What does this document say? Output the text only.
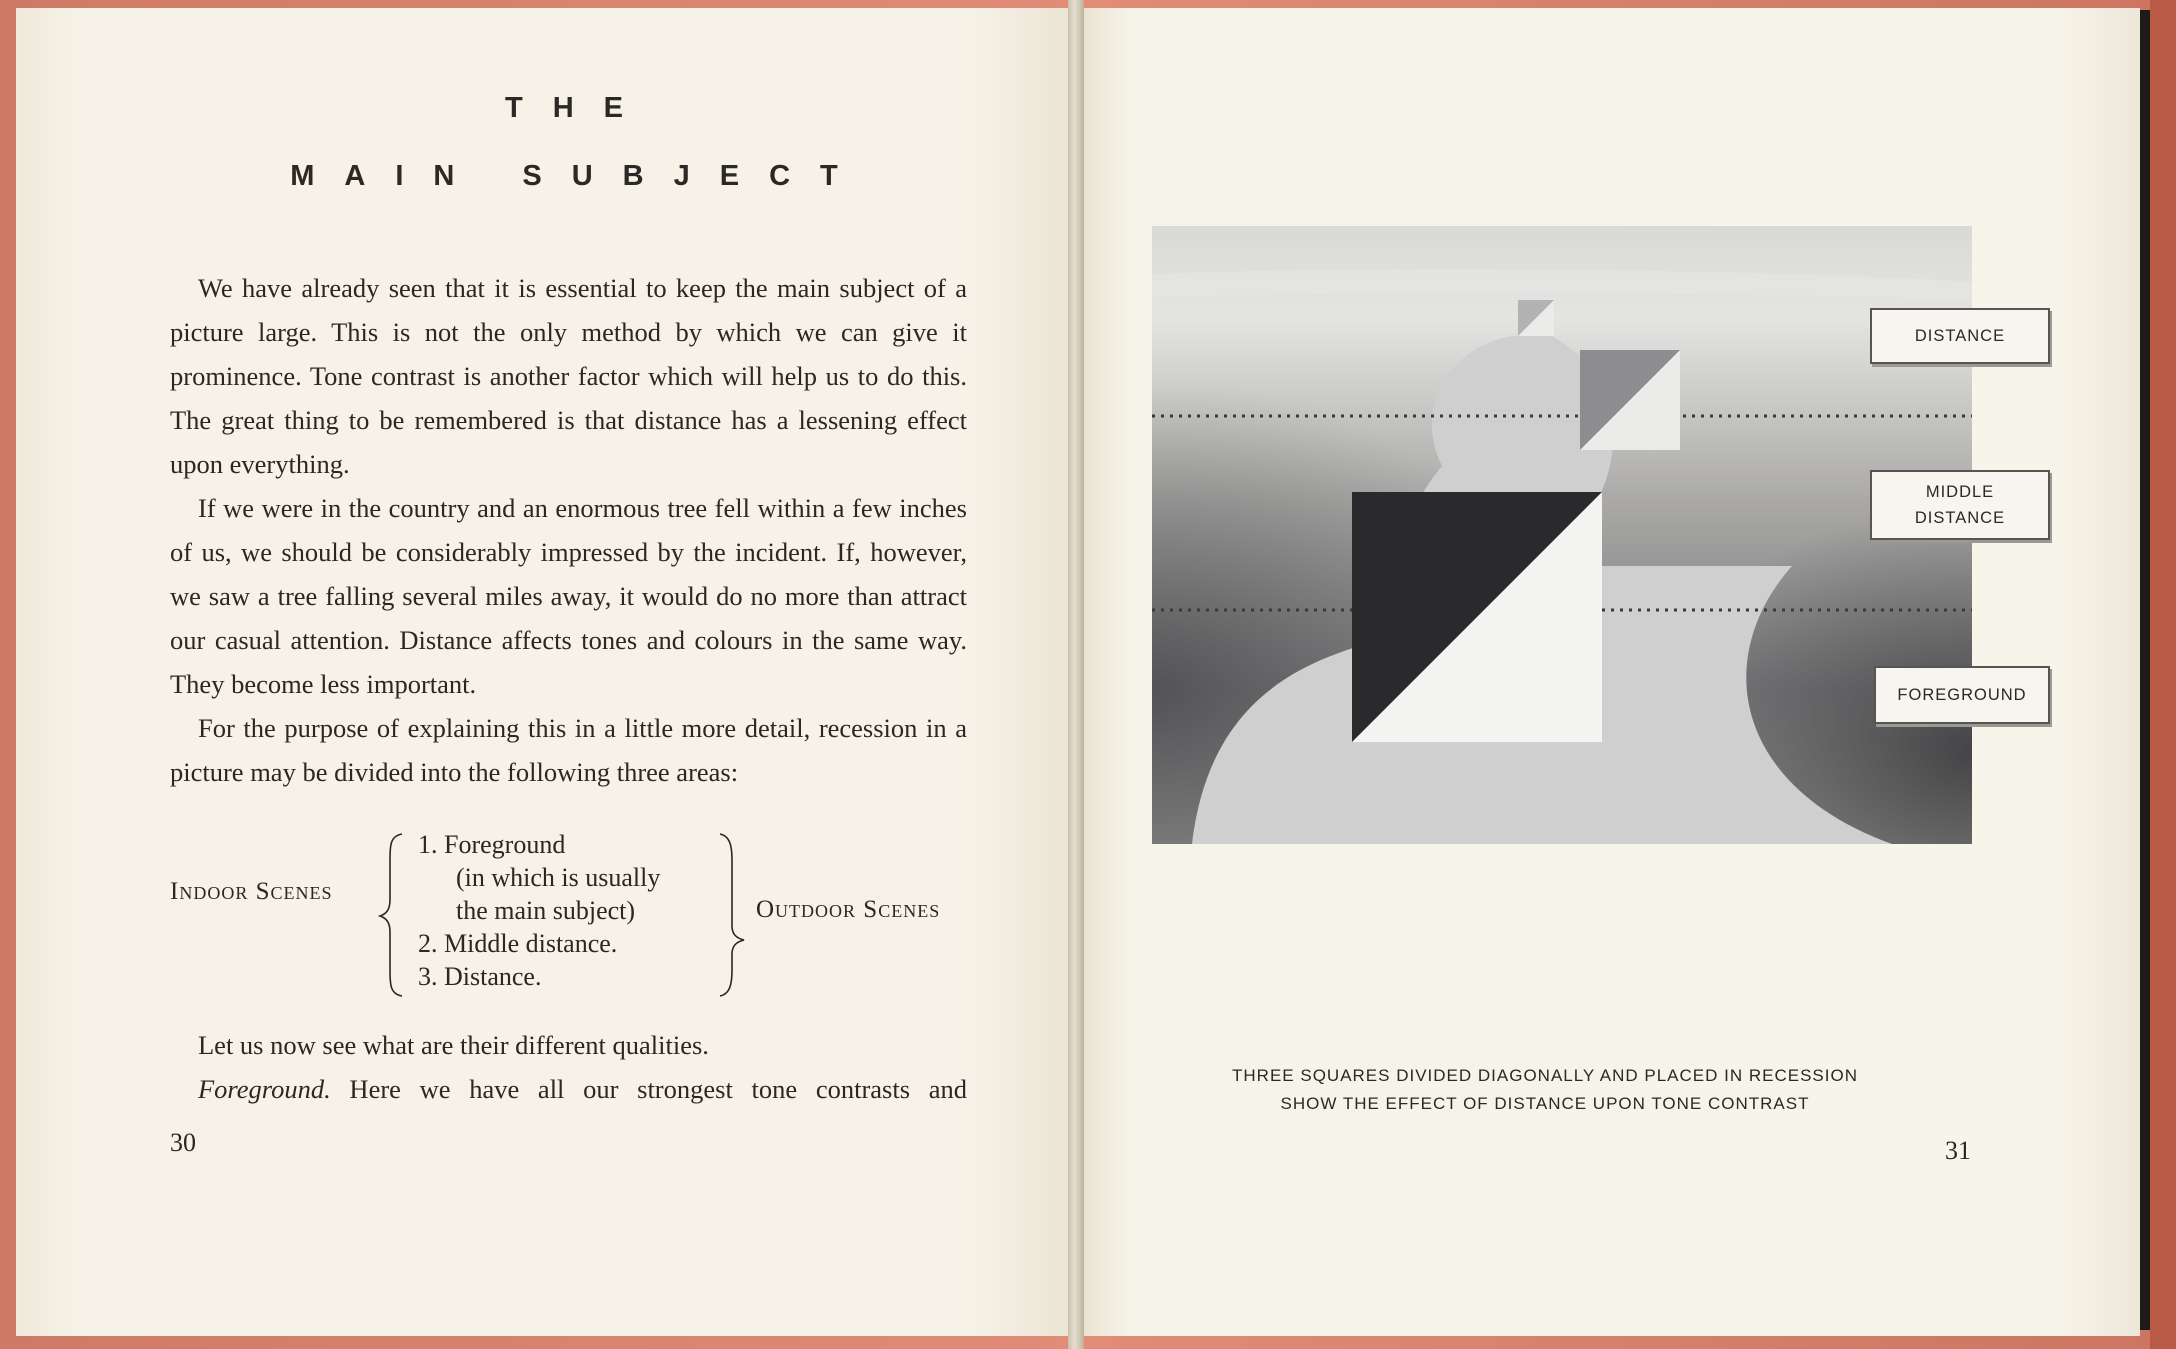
THE
MAIN SUBJECT

We have already seen that it is essential to keep the main subject of a picture large. This is not the only method by which we can give it prominence. Tone contrast is another factor which will help us to do this. The great thing to be remembered is that distance has a lessening effect upon everything.

If we were in the country and an enormous tree fell within a few inches of us, we should be considerably impressed by the incident. If, however, we saw a tree falling several miles away, it would do no more than attract our casual attention. Distance affects tones and colours in the same way. They become less important.

For the purpose of explaining this in a little more detail, recession in a picture may be divided into the following three areas:

Indoor Scenes
1. Foreground
(in which is usually
the main subject)
2. Middle distance.
3. Distance.
Outdoor Scenes
Let us now see what are their different qualities.
Foreground. Here we have all our strongest tone contrasts and
30
DISTANCE
MIDDLE
DISTANCE
FOREGROUND
THREE SQUARES DIVIDED DIAGONALLY AND PLACED IN RECESSION
SHOW THE EFFECT OF DISTANCE UPON TONE CONTRAST
31
